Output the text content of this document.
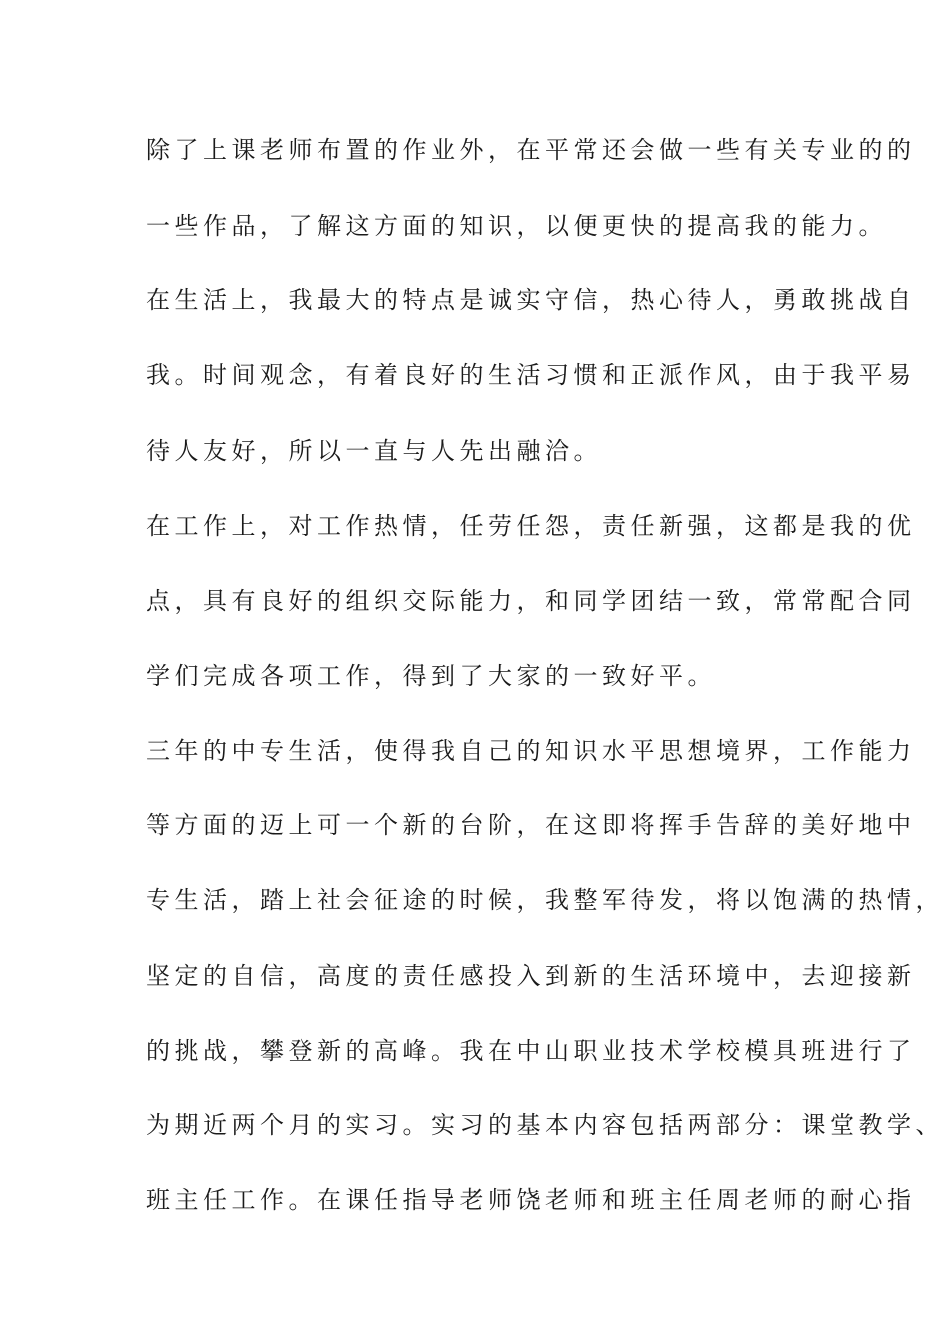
除了上课老师布置的作业外，在平常还会做一些有关专业的的
一些作品，了解这方面的知识，以便更快的提高我的能力。
在生活上，我最大的特点是诚实守信，热心待人，勇敢挑战自
我。时间观念，有着良好的生活习惯和正派作风，由于我平易
待人友好，所以一直与人先出融洽。
在工作上，对工作热情，任劳任怨，责任新强，这都是我的优
点，具有良好的组织交际能力，和同学团结一致，常常配合同
学们完成各项工作，得到了大家的一致好平。
三年的中专生活，使得我自己的知识水平思想境界，工作能力
等方面的迈上可一个新的台阶，在这即将挥手告辞的美好地中
专生活，踏上社会征途的时候，我整军待发，将以饱满的热情，
坚定的自信，高度的责任感投入到新的生活环境中，去迎接新
的挑战，攀登新的高峰。我在中山职业技术学校模具班进行了
为期近两个月的实习。实习的基本内容包括两部分：课堂教学、
班主任工作。在课任指导老师饶老师和班主任周老师的耐心指
